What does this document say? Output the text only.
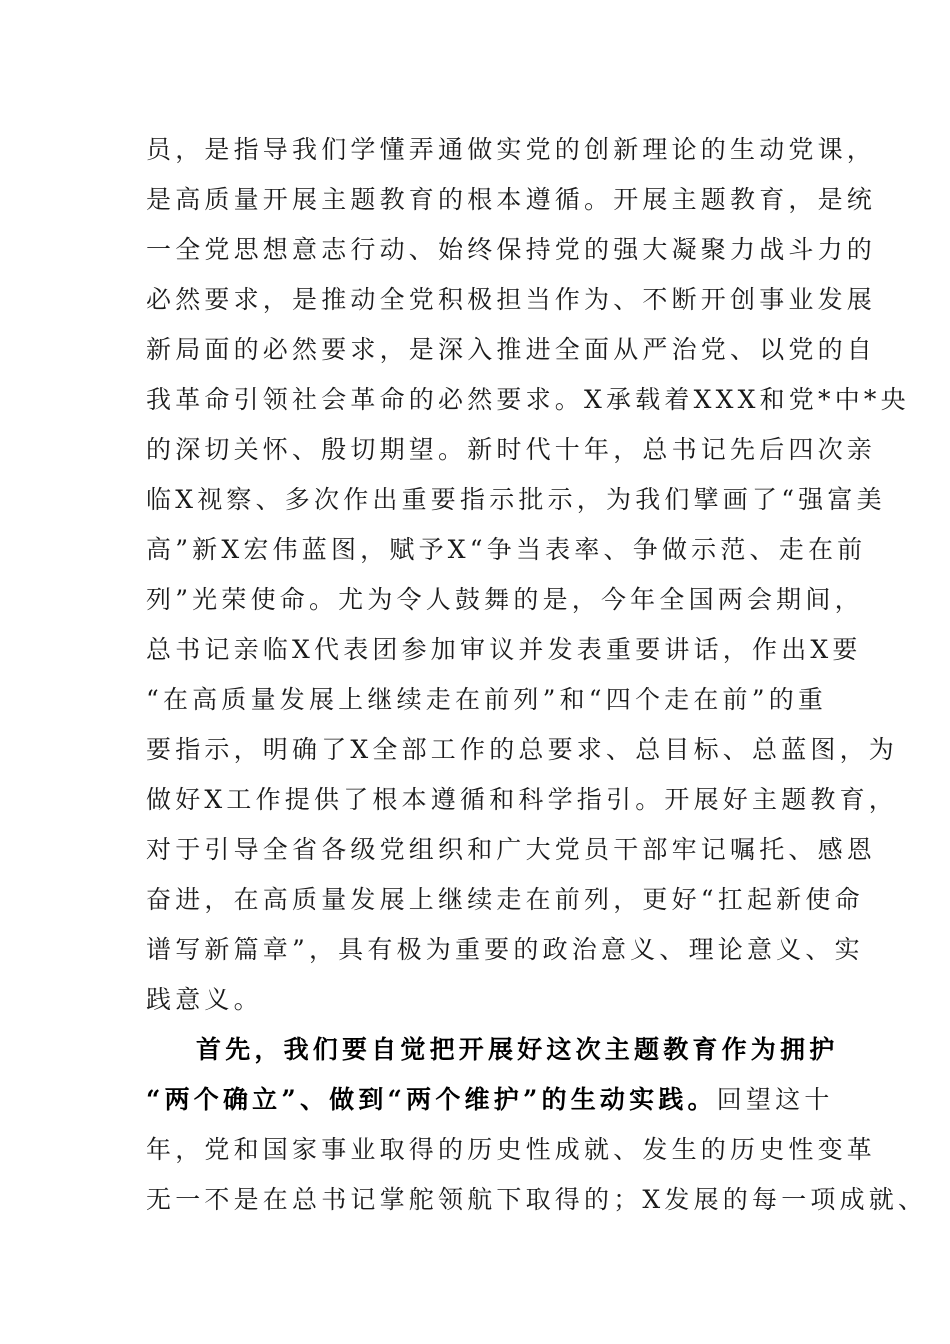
员，是指导我们学懂弄通做实党的创新理论的生动党课，
是高质量开展主题教育的根本遵循。开展主题教育，是统
一全党思想意志行动、始终保持党的强大凝聚力战斗力的
必然要求，是推动全党积极担当作为、不断开创事业发展
新局面的必然要求，是深入推进全面从严治党、以党的自
我革命引领社会革命的必然要求。X承载着XXX和党*中*央
的深切关怀、殷切期望。新时代十年，总书记先后四次亲
临X视察、多次作出重要指示批示，为我们擘画了“强富美
高”新X宏伟蓝图，赋予X“争当表率、争做示范、走在前
列”光荣使命。尤为令人鼓舞的是，今年全国两会期间，
总书记亲临X代表团参加审议并发表重要讲话，作出X要
“在高质量发展上继续走在前列”和“四个走在前”的重
要指示，明确了X全部工作的总要求、总目标、总蓝图，为
做好X工作提供了根本遵循和科学指引。开展好主题教育，
对于引导全省各级党组织和广大党员干部牢记嘱托、感恩
奋进，在高质量发展上继续走在前列，更好“扛起新使命
谱写新篇章”，具有极为重要的政治意义、理论意义、实
践意义。
首先，我们要自觉把开展好这次主题教育作为拥护
“两个确立”、做到“两个维护”的生动实践。回望这十
年，党和国家事业取得的历史性成就、发生的历史性变革
无一不是在总书记掌舵领航下取得的；X发展的每一项成就、
